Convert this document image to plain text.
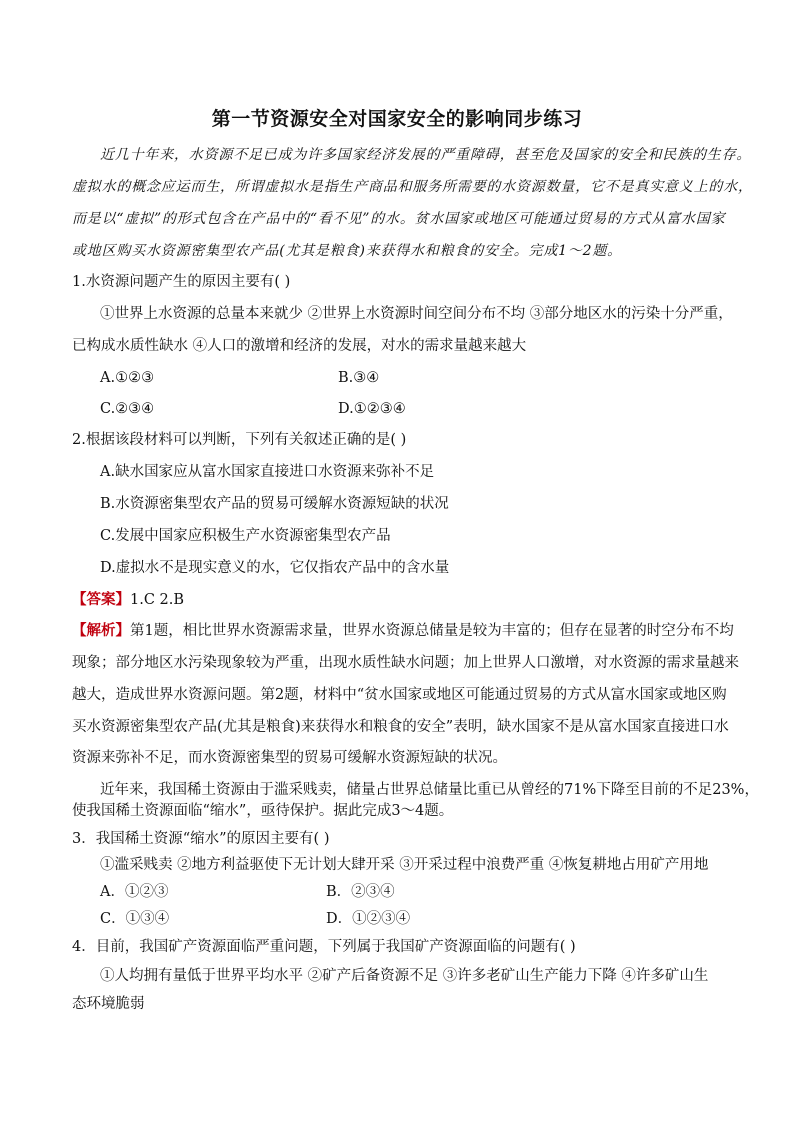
第一节资源安全对国家安全的影响同步练习
近几十年来，水资源不足已成为许多国家经济发展的严重障碍，甚至危及国家的安全和民族的生存。
虚拟水的概念应运而生，所谓虚拟水是指生产商品和服务所需要的水资源数量，它不是真实意义上的水，
而是以“虚拟”的形式包含在产品中的“看不见”的水。贫水国家或地区可能通过贸易的方式从富水国家
或地区购买水资源密集型农产品(尤其是粮食)来获得水和粮食的安全。完成1～2题。
1.水资源问题产生的原因主要有( )
①世界上水资源的总量本来就少 ②世界上水资源时间空间分布不均 ③部分地区水的污染十分严重，
已构成水质性缺水 ④人口的激增和经济的发展，对水的需求量越来越大
A.①②③	B.③④
C.②③④	D.①②③④
2.根据该段材料可以判断，下列有关叙述正确的是( )
A.缺水国家应从富水国家直接进口水资源来弥补不足
B.水资源密集型农产品的贸易可缓解水资源短缺的状况
C.发展中国家应积极生产水资源密集型农产品
D.虚拟水不是现实意义的水，它仅指农产品中的含水量
【答案】1.C 2.B
【解析】第1题，相比世界水资源需求量，世界水资源总储量是较为丰富的；但存在显著的时空分布不均
现象；部分地区水污染现象较为严重，出现水质性缺水问题；加上世界人口激增，对水资源的需求量越来
越大，造成世界水资源问题。第2题，材料中“贫水国家或地区可能通过贸易的方式从富水国家或地区购
买水资源密集型农产品(尤其是粮食)来获得水和粮食的安全”表明，缺水国家不是从富水国家直接进口水
资源来弥补不足，而水资源密集型的贸易可缓解水资源短缺的状况。
近年来，我国稀土资源由于滥采贱卖，储量占世界总储量比重已从曾经的71%下降至目前的不足23%，
使我国稀土资源面临“缩水”，亟待保护。据此完成3～4题。
3．我国稀土资源“缩水”的原因主要有( )
①滥采贱卖 ②地方利益驱使下无计划大肆开采 ③开采过程中浪费严重 ④恢复耕地占用矿产用地
A．①②③	B．②③④
C．①③④	D．①②③④
4．目前，我国矿产资源面临严重问题，下列属于我国矿产资源面临的问题有( )
①人均拥有量低于世界平均水平 ②矿产后备资源不足 ③许多老矿山生产能力下降 ④许多矿山生
态环境脆弱
